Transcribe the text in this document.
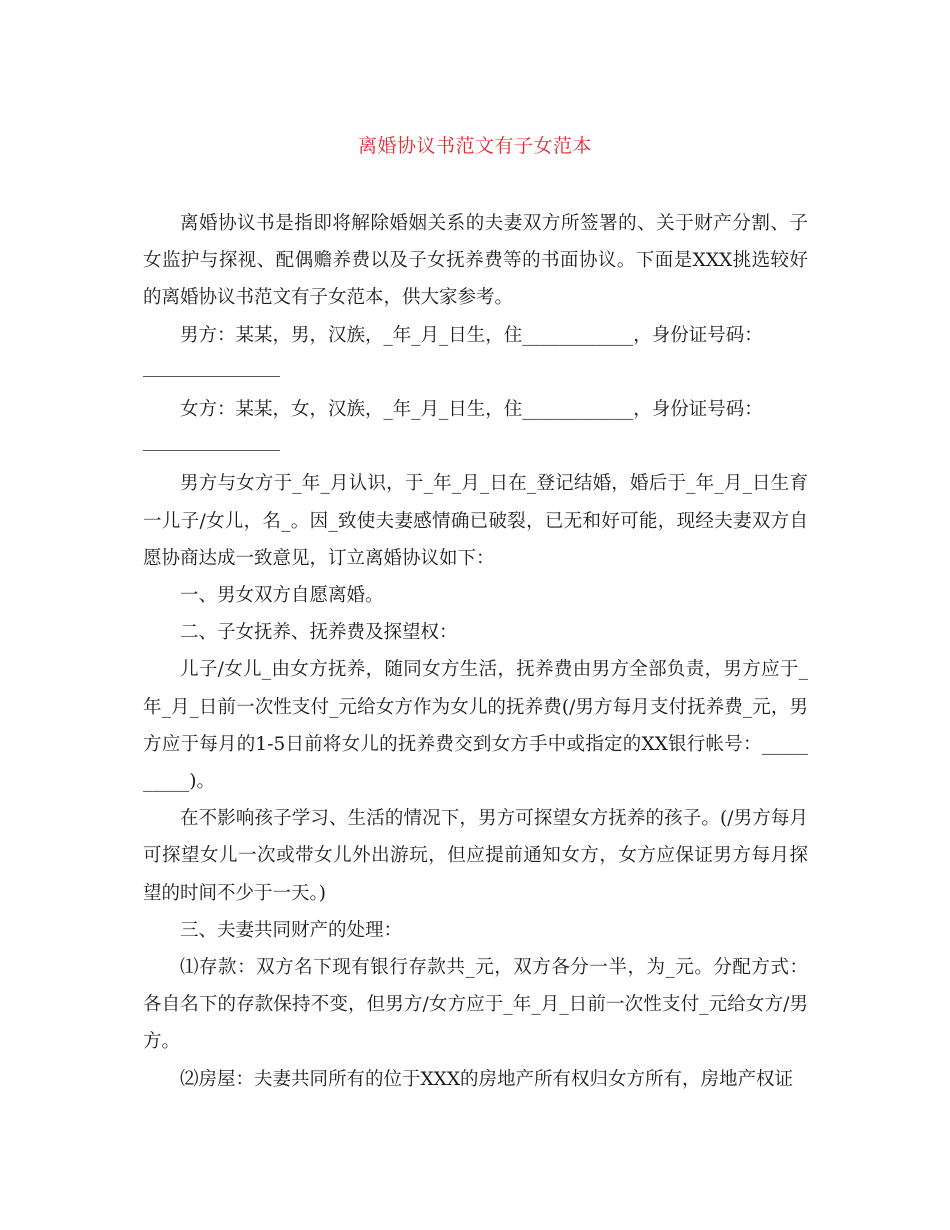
离婚协议书范文有子女范本

离婚协议书是指即将解除婚姻关系的夫妻双方所签署的、关于财产分割、子女监护与探视、配偶赡养费以及子女抚养费等的书面协议。下面是XXX挑选较好的离婚协议书范文有子女范本，供大家参考。

男方：某某，男，汉族，_年_月_日生，住____________，身份证号码：

女方：某某，女，汉族，_年_月_日生，住____________，身份证号码：

男方与女方于_年_月认识，于_年_月_日在_登记结婚，婚后于_年_月_日生育一儿子/女儿，名_。因_致使夫妻感情确已破裂，已无和好可能，现经夫妻双方自愿协商达成一致意见，订立离婚协议如下：

一、男女双方自愿离婚。

二、子女抚养、抚养费及探望权：

儿子/女儿_由女方抚养，随同女方生活，抚养费由男方全部负责，男方应于_年_月_日前一次性支付_元给女方作为女儿的抚养费(/男方每月支付抚养费_元，男方应于每月的1-5日前将女儿的抚养费交到女方手中或指定的XX银行帐号：__________)。

在不影响孩子学习、生活的情况下，男方可探望女方抚养的孩子。(/男方每月可探望女儿一次或带女儿外出游玩，但应提前通知女方，女方应保证男方每月探望的时间不少于一天。)

三、夫妻共同财产的处理：

⑴存款：双方名下现有银行存款共_元，双方各分一半，为_元。分配方式：各自名下的存款保持不变，但男方/女方应于_年_月_日前一次性支付_元给女方/男方。

⑵房屋：夫妻共同所有的位于XXX的房地产所有权归女方所有，房地产权证
